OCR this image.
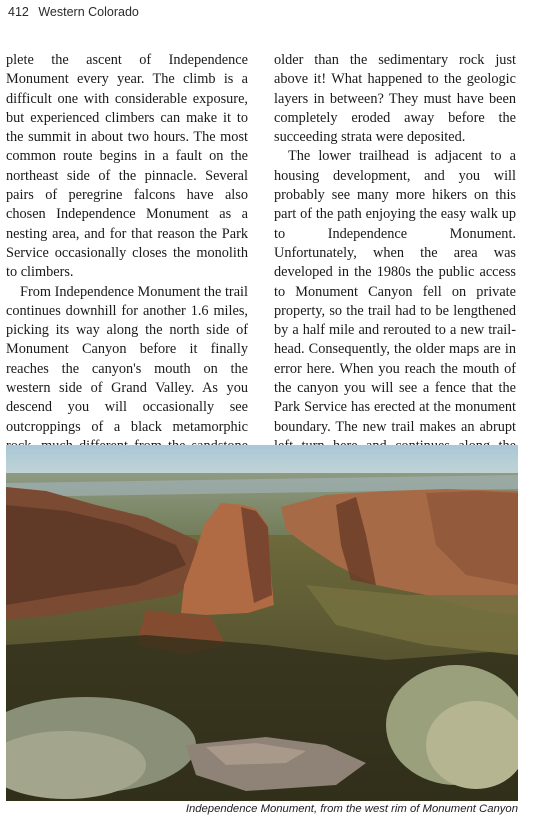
412 Western Colorado

plete the ascent of Independence Monument every year. The climb is a difficult one with considerable exposure, but experienced climbers can make it to the summit in about two hours. The most common route begins in a fault on the northeast side of the pinnacle. Several pairs of peregrine falcons have also chosen Independence Monument as a nesting area, and for that reason the Park Service occasionally closes the monolith to climbers.

From Independence Monument the trail continues downhill for another 1.6 miles, picking its way along the north side of Monument Canyon before it finally reaches the canyon's mouth on the western side of Grand Valley. As you descend you will occasionally see outcroppings of a black metamorphic

older than the sedimentary rock just above it! What happened to the geologic layers in between? They must have been completely eroded away before the succeeding strata were deposited.

The lower trailhead is adjacent to a housing development, and you will probably see many more hikers on this part of the path enjoying the easy walk up to Independence Monument. Unfortunately, when the area was developed in the 1980s the public access to Monument Canyon fell on private property, so the trail had to be lengthened by a half mile and rerouted to a new trailhead. Consequently, the older maps are in error here. When you reach the mouth of the canyon you will see a fence that the Park Service has erected at the monument boundary. The new trail makes an abrupt

Independence Monument, from the west rim of Monument Canyon
